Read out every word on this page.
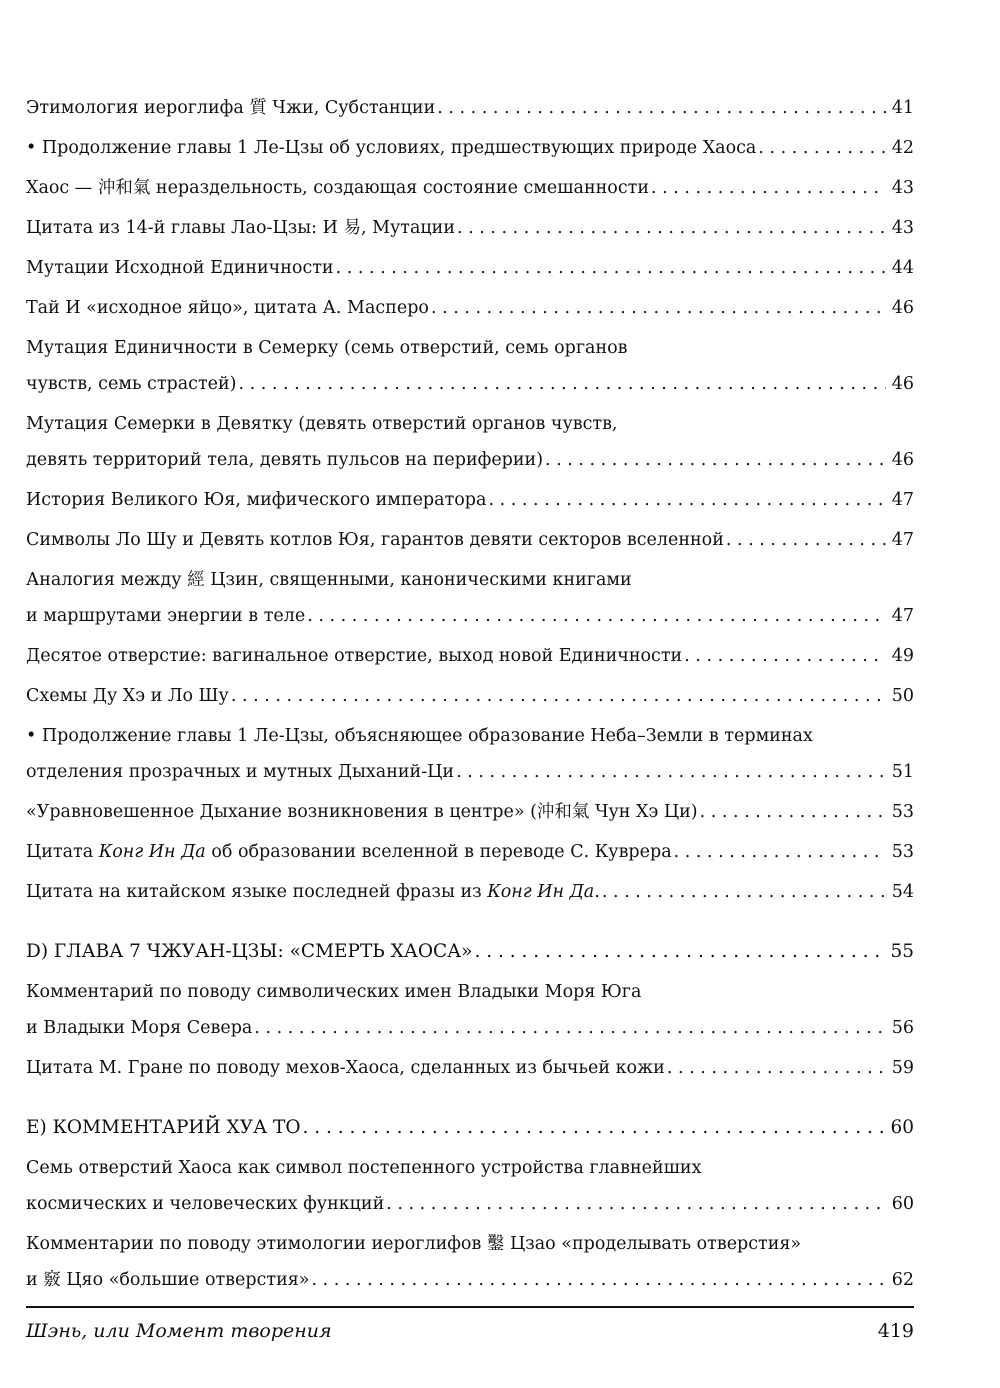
Этимология иероглифа 質 Чжи, Субстанции . . .	41
• Продолжение главы 1 Ле-Цзы об условиях, предшествующих природе Хаоса . . .	42
Хаос — 沖和氣 нераздельность, создающая состояние смешанности . . .	43
Цитата из 14-й главы Лао-Цзы: И 易, Мутации . . .	43
Мутации Исходной Единичности . . .	44
Тай И «исходное яйцо», цитата А. Масперо . . .	46
Мутация Единичности в Семерку (семь отверстий, семь органов
чувств, семь страстей) . . .	46
Мутация Семерки в Девятку (девять отверстий органов чувств,
девять территорий тела, девять пульсов на периферии) . . .	46
История Великого Юя, мифического императора . . .	47
Символы Ло Шу и Девять котлов Юя, гарантов девяти секторов вселенной . . .	47
Аналогия между 經 Цзин, священными, каноническими книгами
и маршрутами энергии в теле . . .	47
Десятое отверстие: вагинальное отверстие, выход новой Единичности . . .	49
Схемы Ду Хэ и Ло Шу . . .	50
• Продолжение главы 1 Ле-Цзы, объясняющее образование Неба–Земли в терминах
отделения прозрачных и мутных Дыханий-Ци . . .	51
«Уравновешенное Дыхание возникновения в центре» (沖和氣 Чун Хэ Ци) . . .	53
Цитата Конг Ин Да об образовании вселенной в переводе С. Куврера . . .	53
Цитата на китайском языке последней фразы из Конг Ин Да. . . .	54
D) ГЛАВА 7 ЧЖУАН-ЦЗЫ: «СМЕРТЬ ХАОСА» . . .	55
Комментарий по поводу символических имен Владыки Моря Юга
и Владыки Моря Севера . . .	56
Цитата М. Гране по поводу мехов-Хаоса, сделанных из бычьей кожи . . .	59
E) КОММЕНТАРИЙ ХУА ТО . . .	60
Семь отверстий Хаоса как символ постепенного устройства главнейших
космических и человеческих функций . . .	60
Комментарии по поводу этимологии иероглифов 鑿 Цзао «проделывать отверстия»
и 竅 Цяо «большие отверстия» . . .	62
Шэнь, или Момент творения	419
